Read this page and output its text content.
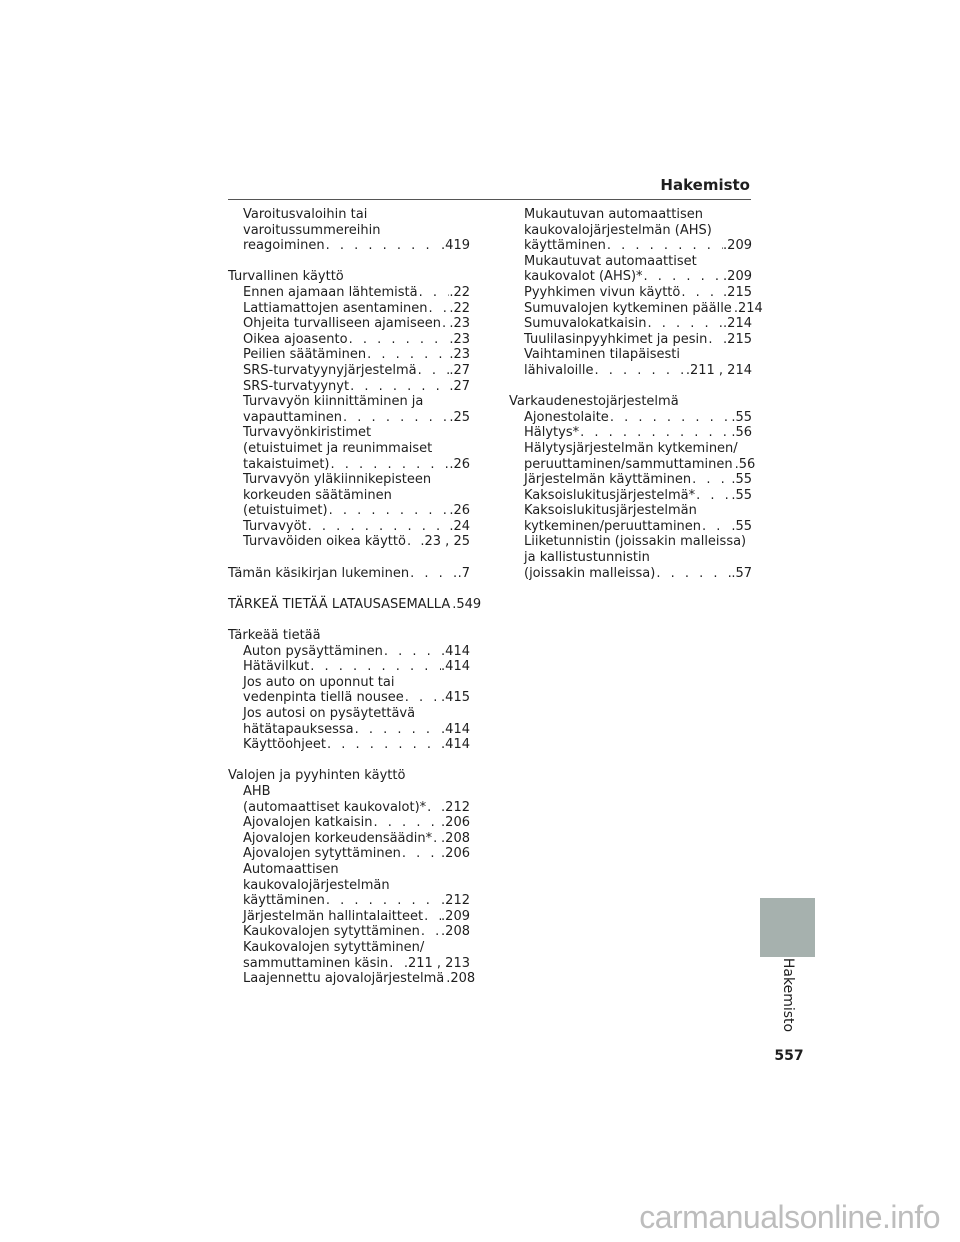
Hakemisto
Varoitusvaloihin tai
varoitussummereihin
reagoiminen . . .	.419
Turvallinen käyttö
Ennen ajamaan lähtemistä . . . .22
Lattiamattojen asentaminen . . . .22
Ohjeita turvalliseen ajamiseen . . . .23
Oikea ajoasento . . .	.23
Peilien säätäminen . . .	.23
SRS-turvatyynyjärjestelmä . . .	.27
SRS-turvatyynyt . . .	.27
Turvavyön kiinnittäminen ja
vapauttaminen . . .	.25
Turvavyönkiristimet
(etuistuimet ja reunimmaiset
takaistuimet) . . .	.26
Turvavyön yläkiinnikepisteen
korkeuden säätäminen
(etuistuimet) . . .	.26
Turvavyöt . . .	.24
Turvavöiden oikea käyttö . . . .23 , 25
Tämän käsikirjan lukeminen . . .	.7
TÄRKEÄ TIETÄÄ LATAUSASEMALLA . . . .549
Tärkeää tietää
Auton pysäyttäminen . . .	.414
Hätävilkut . . .	.414
Jos auto on uponnut tai
vedenpinta tiellä nousee . . .	.415
Jos autosi on pysäytettävä
hätätapauksessa . . .	.414
Käyttöohjeet . . .	.414
Valojen ja pyyhinten käyttö
AHB
(automaattiset kaukovalot)* . . . .212
Ajovalojen katkaisin . . .	.206
Ajovalojen korkeudensäädin* . . . .208
Ajovalojen sytyttäminen . . .	.206
Automaattisen
kaukovalojärjestelmän
käyttäminen . . .	.212
Järjestelmän hallintalaitteet . . . .209
Kaukovalojen sytyttäminen . . . .208
Kaukovalojen sytyttäminen/
sammuttaminen käsin . . . .211 , 213
Laajennettu ajovalojärjestelmä . . . .208
Mukautuvan automaattisen
kaukovalojärjestelmän (AHS)
käyttäminen . . .	.209
Mukautuvat automaattiset
kaukovalot (AHS)* . . .	.209
Pyyhkimen vivun käyttö . . .	.215
Sumuvalojen kytkeminen päälle . . . .214
Sumuvalokatkaisin . . .	.214
Tuulilasinpyyhkimet ja pesin . . . .215
Vaihtaminen tilapäisesti
lähivaloille . . .	.211 , 214
Varkaudenestojärjestelmä
Ajonestolaite . . .	.55
Hälytys* . . .	.56
Hälytysjärjestelmän kytkeminen/
peruuttaminen/sammuttaminen . . . .56
Järjestelmän käyttäminen . . .	.55
Kaksoislukitusjärjestelmä* . . .	.55
Kaksoislukitusjärjestelmän
kytkeminen/peruuttaminen . . . .55
Liiketunnistin (joissakin malleissa)
ja kallistustunnistin
(joissakin malleissa) . . .	.57
Hakemisto
557
carmanualsonline.info
